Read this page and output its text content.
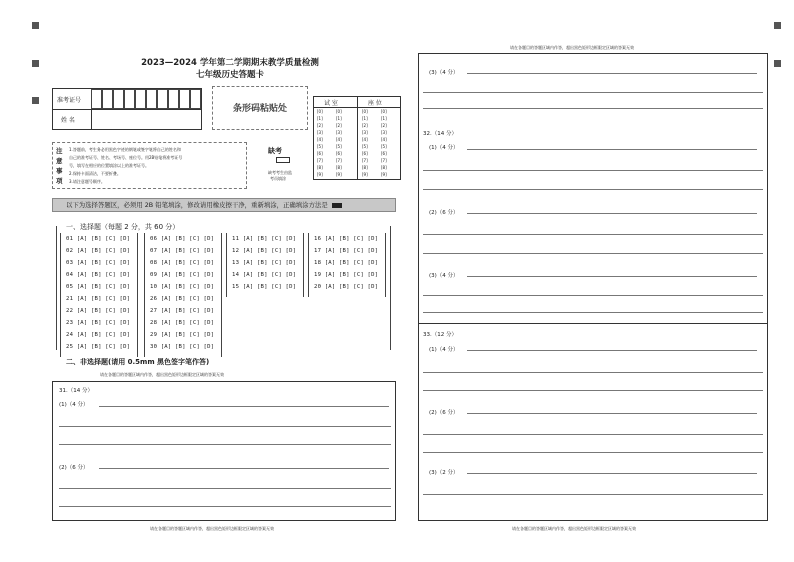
2023—2024 学年第二学期期末教学质量检测
七年级历史答题卡
准考证号
姓 名
条形码粘贴处
试 室	座 位
[0]
[1]
[2]
[3]
[4]
[5]
[6]
[7]
[8]
[9]
[0]
[1]
[2]
[3]
[4]
[5]
[6]
[7]
[8]
[9]
[0]
[1]
[2]
[3]
[4]
[5]
[6]
[7]
[8]
[9]
[0]
[1]
[2]
[3]
[4]
[5]
[6]
[7]
[8]
[9]
注
意
事
项
1.答题前，考生务必用黑色字迹的钢笔或签字笔将自己的姓名和
自己的准考证号、姓名、考场号、座位号。用2B铅笔将准考证号
号，填写在相应的位置填涂以上的准考证号。
2.保持卡面清洁，不要折叠。
3.请注意题号顺序。
缺考
缺考考生由监
考员填涂
以下为选择答题区，必须用 2B 铅笔填涂，修改请用橡皮擦干净，重新填涂，正确填涂方法是
一、选择题（每题 2 分，共 60 分）
01 [A] [B] [C] [D]
02 [A] [B] [C] [D]
03 [A] [B] [C] [D]
04 [A] [B] [C] [D]
05 [A] [B] [C] [D]
06 [A] [B] [C] [D]
07 [A] [B] [C] [D]
08 [A] [B] [C] [D]
09 [A] [B] [C] [D]
10 [A] [B] [C] [D]
11 [A] [B] [C] [D]
12 [A] [B] [C] [D]
13 [A] [B] [C] [D]
14 [A] [B] [C] [D]
15 [A] [B] [C] [D]
16 [A] [B] [C] [D]
17 [A] [B] [C] [D]
18 [A] [B] [C] [D]
19 [A] [B] [C] [D]
20 [A] [B] [C] [D]
21 [A] [B] [C] [D]
22 [A] [B] [C] [D]
23 [A] [B] [C] [D]
24 [A] [B] [C] [D]
25 [A] [B] [C] [D]
26 [A] [B] [C] [D]
27 [A] [B] [C] [D]
28 [A] [B] [C] [D]
29 [A] [B] [C] [D]
30 [A] [B] [C] [D]
二、非选择题(请用 0.5mm 黑色签字笔作答)
请在各题目的答题区域内作答，超出黑色矩形边框限定区域的答案无效
31.（14 分）
(1)（4 分）
(2)（6 分）
请在各题目的答题区域内作答，超出黑色矩形边框限定区域的答案无效
请在各题目的答题区域内作答，超出黑色矩形边框限定区域的答案无效
(3)（4 分）
32.（14 分）
(1)（4 分）
(2)（6 分）
(3)（4 分）
33.（12 分）
(1)（4 分）
(2)（6 分）
(3)（2 分）
请在各题目的答题区域内作答，超出黑色矩形边框限定区域的答案无效
